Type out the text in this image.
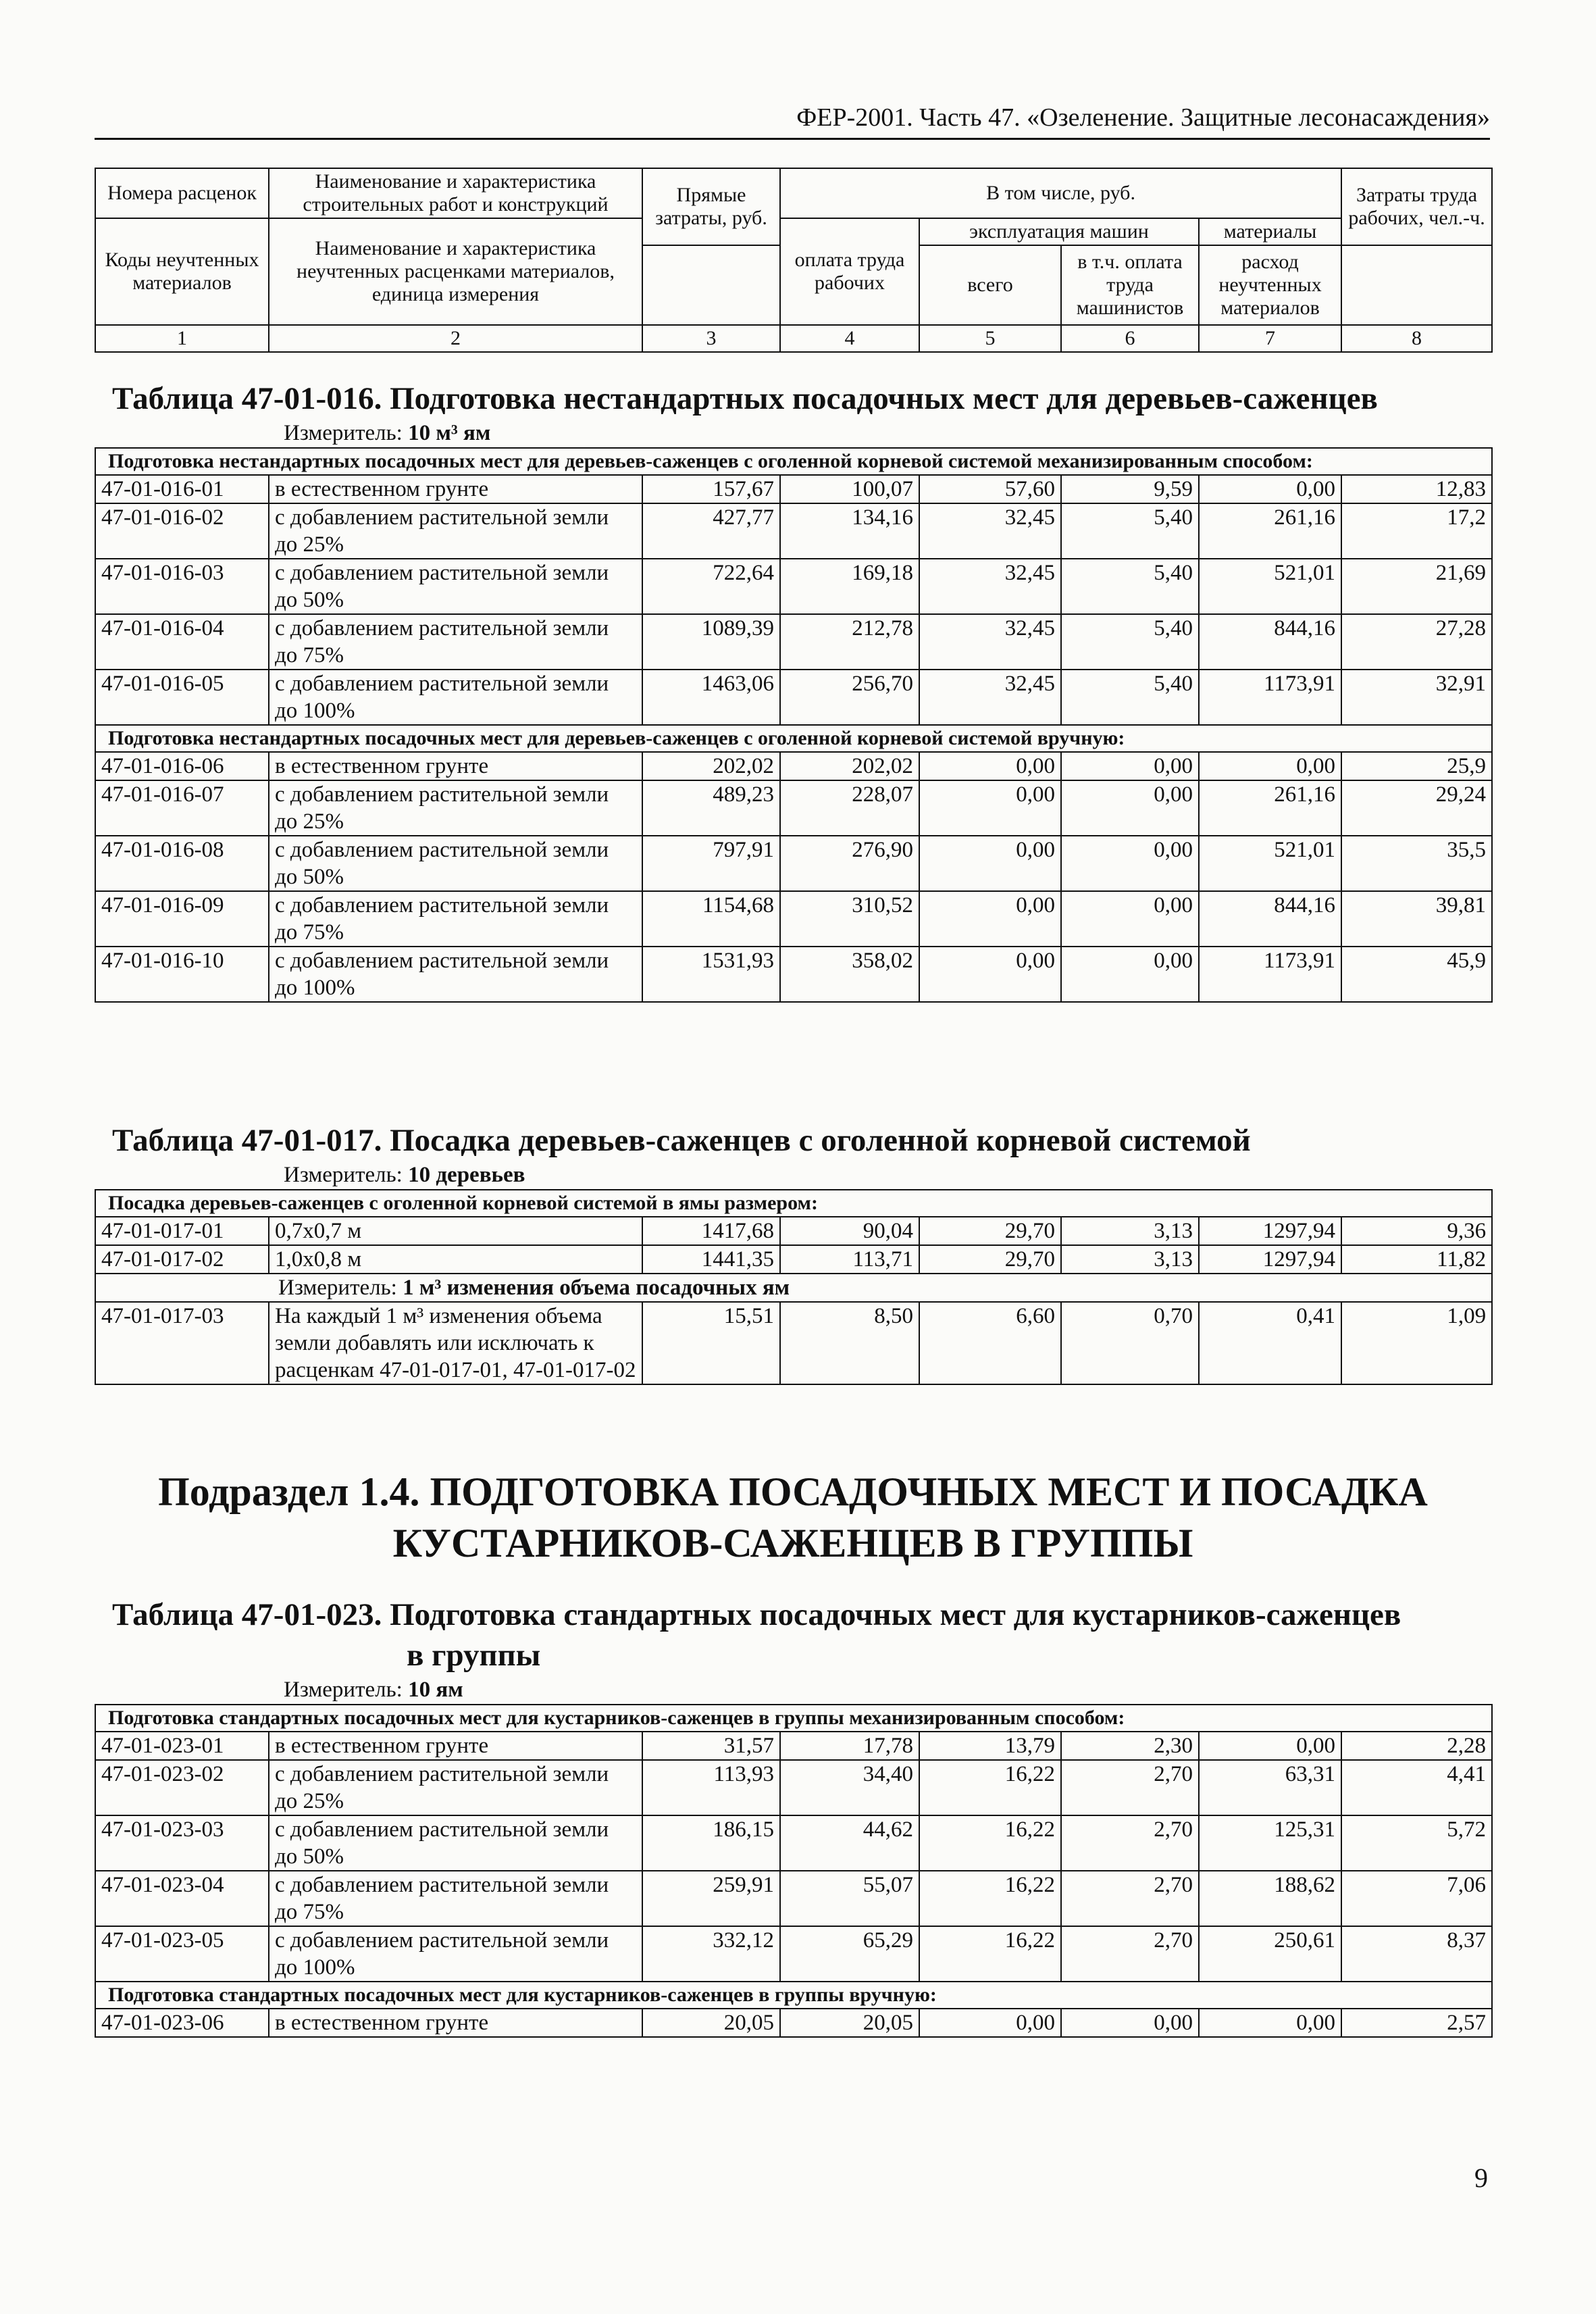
ФЕР-2001. Часть 47. «Озеленение. Защитные лесонасаждения»
Номера расценок	Наименование и характеристика строительных работ и конструкций	Прямые затраты, руб.	В том числе, руб.				Затраты труда рабочих, чел.-ч.
Коды неучтенных материалов	Наименование и характеристика неучтенных расценками материалов, единица измерения		оплата труда рабочих	эксплуатация машин		материалы	
				всего	в т.ч. оплата труда машинистов	расход неучтенных материалов	
1	2	3	4	5	6	7	8
Таблица 47-01-016. Подготовка нестандартных посадочных мест для деревьев-саженцев
Измеритель: 10 м³ ям
Подготовка нестандартных посадочных мест для деревьев-саженцев с оголенной корневой системой механизированным способом:							
47-01-016-01	в естественном грунте	157,67	100,07	57,60	9,59	0,00	12,83
47-01-016-02	с добавлением растительной земли до 25%	427,77	134,16	32,45	5,40	261,16	17,2
47-01-016-03	с добавлением растительной земли до 50%	722,64	169,18	32,45	5,40	521,01	21,69
47-01-016-04	с добавлением растительной земли до 75%	1089,39	212,78	32,45	5,40	844,16	27,28
47-01-016-05	с добавлением растительной земли до 100%	1463,06	256,70	32,45	5,40	1173,91	32,91
Подготовка нестандартных посадочных мест для деревьев-саженцев с оголенной корневой системой вручную:							
47-01-016-06	в естественном грунте	202,02	202,02	0,00	0,00	0,00	25,9
47-01-016-07	с добавлением растительной земли до 25%	489,23	228,07	0,00	0,00	261,16	29,24
47-01-016-08	с добавлением растительной земли до 50%	797,91	276,90	0,00	0,00	521,01	35,5
47-01-016-09	с добавлением растительной земли до 75%	1154,68	310,52	0,00	0,00	844,16	39,81
47-01-016-10	с добавлением растительной земли до 100%	1531,93	358,02	0,00	0,00	1173,91	45,9
Таблица 47-01-017. Посадка деревьев-саженцев с оголенной корневой системой
Измеритель: 10 деревьев
Посадка деревьев-саженцев с оголенной корневой системой в ямы размером:							
47-01-017-01	0,7x0,7 м	1417,68	90,04	29,70	3,13	1297,94	9,36
47-01-017-02	1,0x0,8 м	1441,35	113,71	29,70	3,13	1297,94	11,82
Измеритель: 1 м³ изменения объема посадочных ям							
47-01-017-03	На каждый 1 м³ изменения объема земли добавлять или исключать к расценкам 47-01-017-01, 47-01-017-02	15,51	8,50	6,60	0,70	0,41	1,09
Подраздел 1.4. ПОДГОТОВКА ПОСАДОЧНЫХ МЕСТ И ПОСАДКА
КУСТАРНИКОВ-САЖЕНЦЕВ В ГРУППЫ
Таблица 47-01-023. Подготовка стандартных посадочных мест для кустарников-саженцев
в группы
Измеритель: 10 ям
Подготовка стандартных посадочных мест для кустарников-саженцев в группы механизированным способом:							
47-01-023-01	в естественном грунте	31,57	17,78	13,79	2,30	0,00	2,28
47-01-023-02	с добавлением растительной земли до 25%	113,93	34,40	16,22	2,70	63,31	4,41
47-01-023-03	с добавлением растительной земли до 50%	186,15	44,62	16,22	2,70	125,31	5,72
47-01-023-04	с добавлением растительной земли до 75%	259,91	55,07	16,22	2,70	188,62	7,06
47-01-023-05	с добавлением растительной земли до 100%	332,12	65,29	16,22	2,70	250,61	8,37
Подготовка стандартных посадочных мест для кустарников-саженцев в группы вручную:							
47-01-023-06	в естественном грунте	20,05	20,05	0,00	0,00	0,00	2,57
9
